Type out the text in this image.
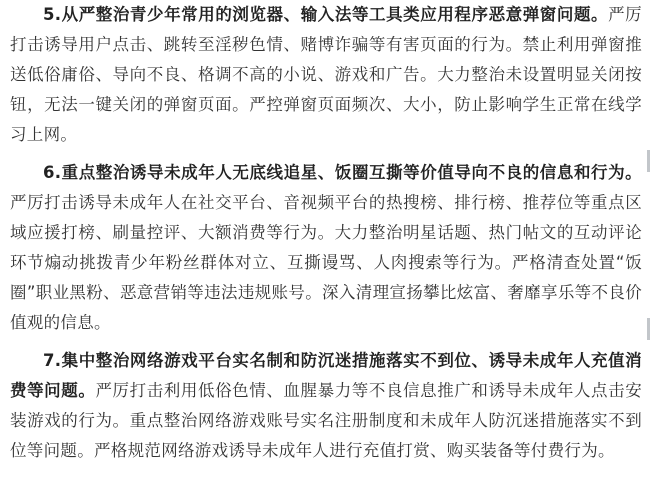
5.从严整治青少年常用的浏览器、输入法等工具类应用程序恶意弹窗问题。严厉打击诱导用户点击、跳转至淫秽色情、赌博诈骗等有害页面的行为。禁止利用弹窗推送低俗庸俗、导向不良、格调不高的小说、游戏和广告。大力整治未设置明显关闭按钮，无法一键关闭的弹窗页面。严控弹窗页面频次、大小，防止影响学生正常在线学习上网。

6.重点整治诱导未成年人无底线追星、饭圈互撕等价值导向不良的信息和行为。严厉打击诱导未成年人在社交平台、音视频平台的热搜榜、排行榜、推荐位等重点区域应援打榜、刷量控评、大额消费等行为。大力整治明星话题、热门帖文的互动评论环节煽动挑拨青少年粉丝群体对立、互撕谩骂、人肉搜索等行为。严格清查处置“饭圈”职业黑粉、恶意营销等违法违规账号。深入清理宣扬攀比炫富、奢靡享乐等不良价值观的信息。

7.集中整治网络游戏平台实名制和防沉迷措施落实不到位、诱导未成年人充值消费等问题。严厉打击利用低俗色情、血腥暴力等不良信息推广和诱导未成年人点击安装游戏的行为。重点整治网络游戏账号实名注册制度和未成年人防沉迷措施落实不到位等问题。严格规范网络游戏诱导未成年人进行充值打赏、购买装备等付费行为。
